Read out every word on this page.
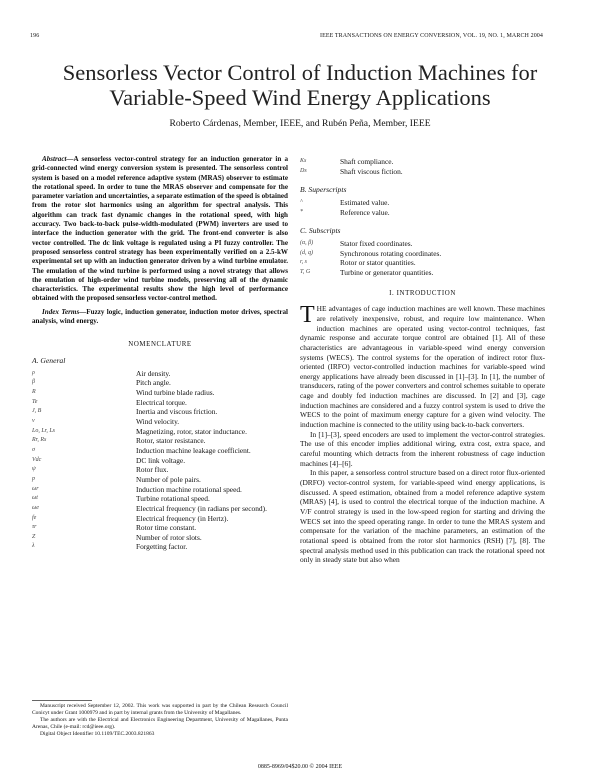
196	IEEE TRANSACTIONS ON ENERGY CONVERSION, VOL. 19, NO. 1, MARCH 2004
Sensorless Vector Control of Induction Machines for
Variable-Speed Wind Energy Applications
Roberto Cárdenas, Member, IEEE, and Rubén Peña, Member, IEEE

Abstract—A sensorless vector-control strategy for an induction generator in a grid-connected wind energy conversion system is presented. The sensorless control system is based on a model reference adaptive system (MRAS) observer to estimate the rotational speed. In order to tune the MRAS observer and compensate for the parameter variation and uncertainties, a separate estimation of the speed is obtained from the rotor slot harmonics using an algorithm for spectral analysis. This algorithm can track fast dynamic changes in the rotational speed, with high accuracy. Two back-to-back pulse-width-modulated (PWM) inverters are used to interface the induction generator with the grid. The front-end converter is also vector controlled. The dc link voltage is regulated using a PI fuzzy controller. The proposed sensorless control strategy has been experimentally verified on a 2.5-kW experimental set up with an induction generator driven by a wind turbine emulator. The emulation of the wind turbine is performed using a novel strategy that allows the emulation of high-order wind turbine models, preserving all of the dynamic characteristics. The experimental results show the high level of performance obtained with the proposed sensorless vector-control method.

Index Terms—Fuzzy logic, induction generator, induction motor drives, spectral analysis, wind energy.

NOMENCLATURE
A. General
ρ	Air density.
β	Pitch angle.
R	Wind turbine blade radius.
Te	Electrical torque.
J, B	Inertia and viscous friction.
v	Wind velocity.
Lo, Lr, Ls	Magnetizing, rotor, stator inductance.
Rr, Rs	Rotor, stator resistance.
σ	Induction machine leakage coefficient.
Vdc	DC link voltage.
ψ	Rotor flux.
p	Number of pole pairs.
ωr	Induction machine rotational speed.
ωt	Turbine rotational speed.
ωe	Electrical frequency (in radians per second).
fe	Electrical frequency (in Hertz).
τr	Rotor time constant.
Z	Number of rotor slots.
λ	Forgetting factor.
Ks	Shaft compliance.
Ds	Shaft viscous fiction.
B. Superscripts
^	Estimated value.
*	Reference value.
C. Subscripts
(α, β)	Stator fixed coordinates.
(d, q)	Synchronous rotating coordinates.
r, s	Rotor or stator quantities.
T, G	Turbine or generator quantities.
I. INTRODUCTION

THE advantages of cage induction machines are well known. These machines are relatively inexpensive, robust, and require low maintenance. When induction machines are operated using vector-control techniques, fast dynamic response and accurate torque control are obtained [1]. All of these characteristics are advantageous in variable-speed wind energy conversion systems (WECS). The control systems for the operation of indirect rotor flux-oriented (IRFO) vector-controlled induction machines for variable-speed wind energy applications have already been discussed in [1]–[3]. In [1], the number of transducers, rating of the power converters and control schemes suitable to operate cage and doubly fed induction machines are discussed. In [2] and [3], cage induction machines are considered and a fuzzy control system is used to drive the WECS to the point of maximum energy capture for a given wind velocity. The induction machine is connected to the utility using back-to-back converters.

In [1]–[3], speed encoders are used to implement the vector-control strategies. The use of this encoder implies additional wiring, extra cost, extra space, and careful mounting which detracts from the inherent robustness of cage induction machines [4]–[6].

In this paper, a sensorless control structure based on a direct rotor flux-oriented (DRFO) vector-control system, for variable-speed wind energy applications, is discussed. A speed estimation, obtained from a model reference adaptive system (MRAS) [4], is used to control the electrical torque of the induction machine. A V/F control strategy is used in the low-speed region for starting and driving the WECS set into the speed operating range. In order to tune the MRAS system and compensate for the variation of the machine parameters, an estimation of the rotational speed is obtained from the rotor slot harmonics (RSH) [7], [8]. The spectral analysis method used in this publication can track the rotational speed not only in steady state but also when

Manuscript received September 12, 2002. This work was supported in part by the Chilean Research Council Conicyt under Grant 1000979 and in part by internal grants from the University of Magallanes.

The authors are with the Electrical and Electronics Engineering Department, University of Magallanes, Punta Arenas, Chile (e-mail: rcd@ieee.org).

Digital Object Identifier 10.1109/TEC.2003.821863

0885-8969/04$20.00 © 2004 IEEE
